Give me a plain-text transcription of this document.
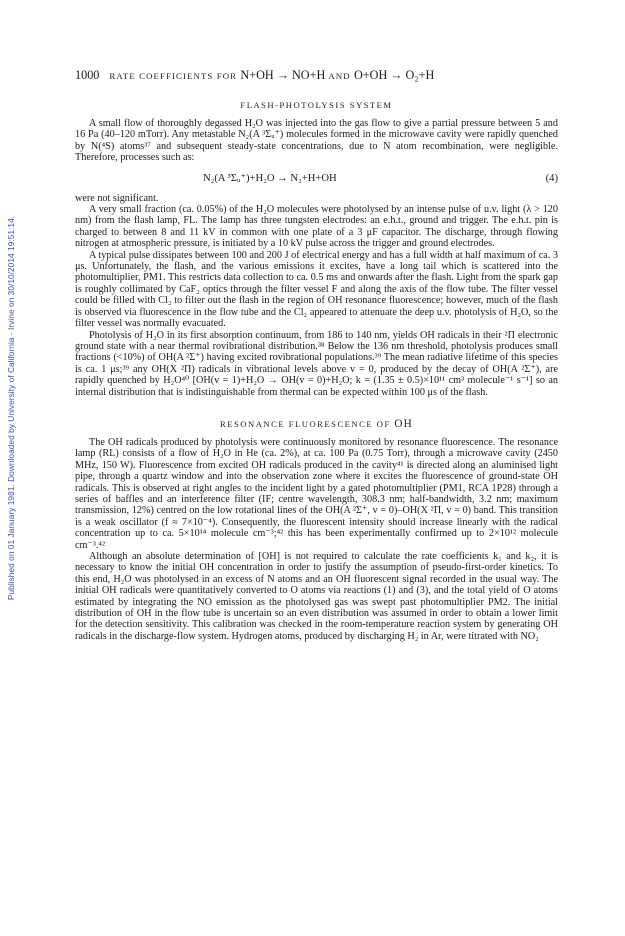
Published on 01 January 1981. Downloaded by University of California - Irvine on 30/10/2014 19:51:14.
1000 RATE COEFFICIENTS FOR N+OH → NO+H AND O+OH → O₂+H
FLASH-PHOTOLYSIS SYSTEM

A small flow of thoroughly degassed H₂O was injected into the gas flow to give a partial pressure between 5 and 16 Pa (40–120 mTorr). Any metastable N₂(A ³Σᵤ⁺) molecules formed in the microwave cavity were rapidly quenched by N(⁴S) atoms³⁷ and subsequent steady-state concentrations, due to N atom recombination, were negligible. Therefore, processes such as:

N₂(A ³Σᵤ⁺)+H₂O → N₂+H+OH	(4)

were not significant.

A very small fraction (ca. 0.05%) of the H₂O molecules were photolysed by an intense pulse of u.v. light (λ > 120 nm) from the flash lamp, FL. The lamp has three tungsten electrodes: an e.h.t., ground and trigger. The e.h.t. pin is charged to between 8 and 11 kV in common with one plate of a 3 μF capacitor. The discharge, through flowing nitrogen at atmospheric pressure, is initiated by a 10 kV pulse across the trigger and ground electrodes.

A typical pulse dissipates between 100 and 200 J of electrical energy and has a full width at half maximum of ca. 3 μs. Unfortunately, the flash, and the various emissions it excites, have a long tail which is scattered into the photomultiplier, PM1. This restricts data collection to ca. 0.5 ms and onwards after the flash. Light from the spark gap is roughly collimated by CaF₂ optics through the filter vessel F and along the axis of the flow tube. The filter vessel could be filled with Cl₂ to filter out the flash in the region of OH resonance fluorescence; however, much of the flash is observed via fluorescence in the flow tube and the Cl₂ appeared to attenuate the deep u.v. photolysis of H₂O, so the filter vessel was normally evacuated.

Photolysis of H₂O in its first absorption continuum, from 186 to 140 nm, yields OH radicals in their ²Π electronic ground state with a near thermal rovibrational distribution.³⁸ Below the 136 nm threshold, photolysis produces small fractions (<10%) of OH(A ²Σ⁺) having excited rovibrational populations.³⁹ The mean radiative lifetime of this species is ca. 1 μs;³⁹ any OH(X ²Π) radicals in vibrational levels above v = 0, produced by the decay of OH(A ²Σ⁺), are rapidly quenched by H₂O⁴⁰ [OH(v = 1)+H₂O → OH(v = 0)+H₂O; k = (1.35 ± 0.5)×10¹¹ cm³ molecule⁻¹ s⁻¹] so an internal distribution that is indistinguishable from thermal can be expected within 100 μs of the flash.

RESONANCE FLUORESCENCE OF OH

The OH radicals produced by photolysis were continuously monitored by resonance fluorescence. The resonance lamp (RL) consists of a flow of H₂O in He (ca. 2%), at ca. 100 Pa (0.75 Torr), through a microwave cavity (2450 MHz, 150 W). Fluorescence from excited OH radicals produced in the cavity⁴¹ is directed along an aluminised light pipe, through a quartz window and into the observation zone where it excites the fluorescence of ground-state OH radicals. This is observed at right angles to the incident light by a gated photomultiplier (PM1, RCA 1P28) through a series of baffles and an interference filter (IF; centre wavelength, 308.3 nm; half-bandwidth, 3.2 nm; maximum transmission, 12%) centred on the low rotational lines of the OH(A ²Σ⁺, v = 0)–OH(X ²Π, v = 0) band. This transition is a weak oscillator (f ≈ 7×10⁻⁴). Consequently, the fluorescent intensity should increase linearly with the radical concentration up to ca. 5×10¹⁴ molecule cm⁻³;⁴² this has been experimentally confirmed up to 2×10¹² molecule cm⁻³.⁴²

Although an absolute determination of [OH] is not required to calculate the rate coefficients k₁ and k₂, it is necessary to know the initial OH concentration in order to justify the assumption of pseudo-first-order kinetics. To this end, H₂O was photolysed in an excess of N atoms and an OH fluorescent signal recorded in the usual way. The initial OH radicals were quantitatively converted to O atoms via reactions (1) and (3), and the total yield of O atoms estimated by integrating the NO emission as the photolysed gas was swept past photomultiplier PM2. The initial distribution of OH in the flow tube is uncertain so an even distribution was assumed in order to obtain a lower limit for the detection sensitivity. This calibration was checked in the room-temperature reaction system by generating OH radicals in the discharge-flow system. Hydrogen atoms, produced by discharging H₂ in Ar, were titrated with NO₂
